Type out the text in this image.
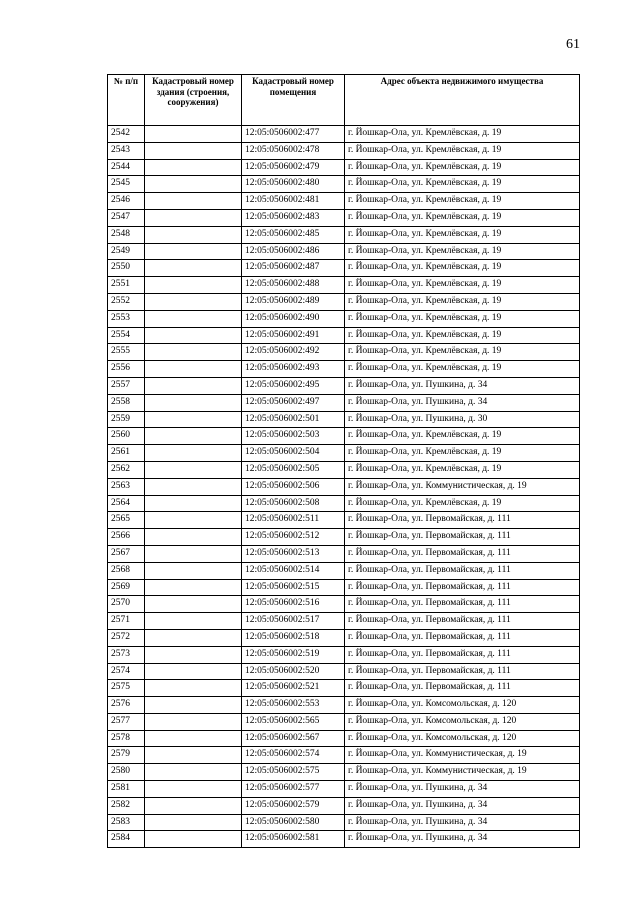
61
№ п/п	Кадастровый номер здания (строения, сооружения)	Кадастровый номер помещения	Адрес объекта недвижимого имущества
2542		12:05:0506002:477	г. Йошкар-Ола, ул. Кремлёвская, д. 19
2543		12:05:0506002:478	г. Йошкар-Ола, ул. Кремлёвская, д. 19
2544		12:05:0506002:479	г. Йошкар-Ола, ул. Кремлёвская, д. 19
2545		12:05:0506002:480	г. Йошкар-Ола, ул. Кремлёвская, д. 19
2546		12:05:0506002:481	г. Йошкар-Ола, ул. Кремлёвская, д. 19
2547		12:05:0506002:483	г. Йошкар-Ола, ул. Кремлёвская, д. 19
2548		12:05:0506002:485	г. Йошкар-Ола, ул. Кремлёвская, д. 19
2549		12:05:0506002:486	г. Йошкар-Ола, ул. Кремлёвская, д. 19
2550		12:05:0506002:487	г. Йошкар-Ола, ул. Кремлёвская, д. 19
2551		12:05:0506002:488	г. Йошкар-Ола, ул. Кремлёвская, д. 19
2552		12:05:0506002:489	г. Йошкар-Ола, ул. Кремлёвская, д. 19
2553		12:05:0506002:490	г. Йошкар-Ола, ул. Кремлёвская, д. 19
2554		12:05:0506002:491	г. Йошкар-Ола, ул. Кремлёвская, д. 19
2555		12:05:0506002:492	г. Йошкар-Ола, ул. Кремлёвская, д. 19
2556		12:05:0506002:493	г. Йошкар-Ола, ул. Кремлёвская, д. 19
2557		12:05:0506002:495	г. Йошкар-Ола, ул. Пушкина, д. 34
2558		12:05:0506002:497	г. Йошкар-Ола, ул. Пушкина, д. 34
2559		12:05:0506002:501	г. Йошкар-Ола, ул. Пушкина, д. 30
2560		12:05:0506002:503	г. Йошкар-Ола, ул. Кремлёвская, д. 19
2561		12:05:0506002:504	г. Йошкар-Ола, ул. Кремлёвская, д. 19
2562		12:05:0506002:505	г. Йошкар-Ола, ул. Кремлёвская, д. 19
2563		12:05:0506002:506	г. Йошкар-Ола, ул. Коммунистическая, д. 19
2564		12:05:0506002:508	г. Йошкар-Ола, ул. Кремлёвская, д. 19
2565		12:05:0506002:511	г. Йошкар-Ола, ул. Первомайская, д. 111
2566		12:05:0506002:512	г. Йошкар-Ола, ул. Первомайская, д. 111
2567		12:05:0506002:513	г. Йошкар-Ола, ул. Первомайская, д. 111
2568		12:05:0506002:514	г. Йошкар-Ола, ул. Первомайская, д. 111
2569		12:05:0506002:515	г. Йошкар-Ола, ул. Первомайская, д. 111
2570		12:05:0506002:516	г. Йошкар-Ола, ул. Первомайская, д. 111
2571		12:05:0506002:517	г. Йошкар-Ола, ул. Первомайская, д. 111
2572		12:05:0506002:518	г. Йошкар-Ола, ул. Первомайская, д. 111
2573		12:05:0506002:519	г. Йошкар-Ола, ул. Первомайская, д. 111
2574		12:05:0506002:520	г. Йошкар-Ола, ул. Первомайская, д. 111
2575		12:05:0506002:521	г. Йошкар-Ола, ул. Первомайская, д. 111
2576		12:05:0506002:553	г. Йошкар-Ола, ул. Комсомольская, д. 120
2577		12:05:0506002:565	г. Йошкар-Ола, ул. Комсомольская, д. 120
2578		12:05:0506002:567	г. Йошкар-Ола, ул. Комсомольская, д. 120
2579		12:05:0506002:574	г. Йошкар-Ола, ул. Коммунистическая, д. 19
2580		12:05:0506002:575	г. Йошкар-Ола, ул. Коммунистическая, д. 19
2581		12:05:0506002:577	г. Йошкар-Ола, ул. Пушкина, д. 34
2582		12:05:0506002:579	г. Йошкар-Ола, ул. Пушкина, д. 34
2583		12:05:0506002:580	г. Йошкар-Ола, ул. Пушкина, д. 34
2584		12:05:0506002:581	г. Йошкар-Ола, ул. Пушкина, д. 34
